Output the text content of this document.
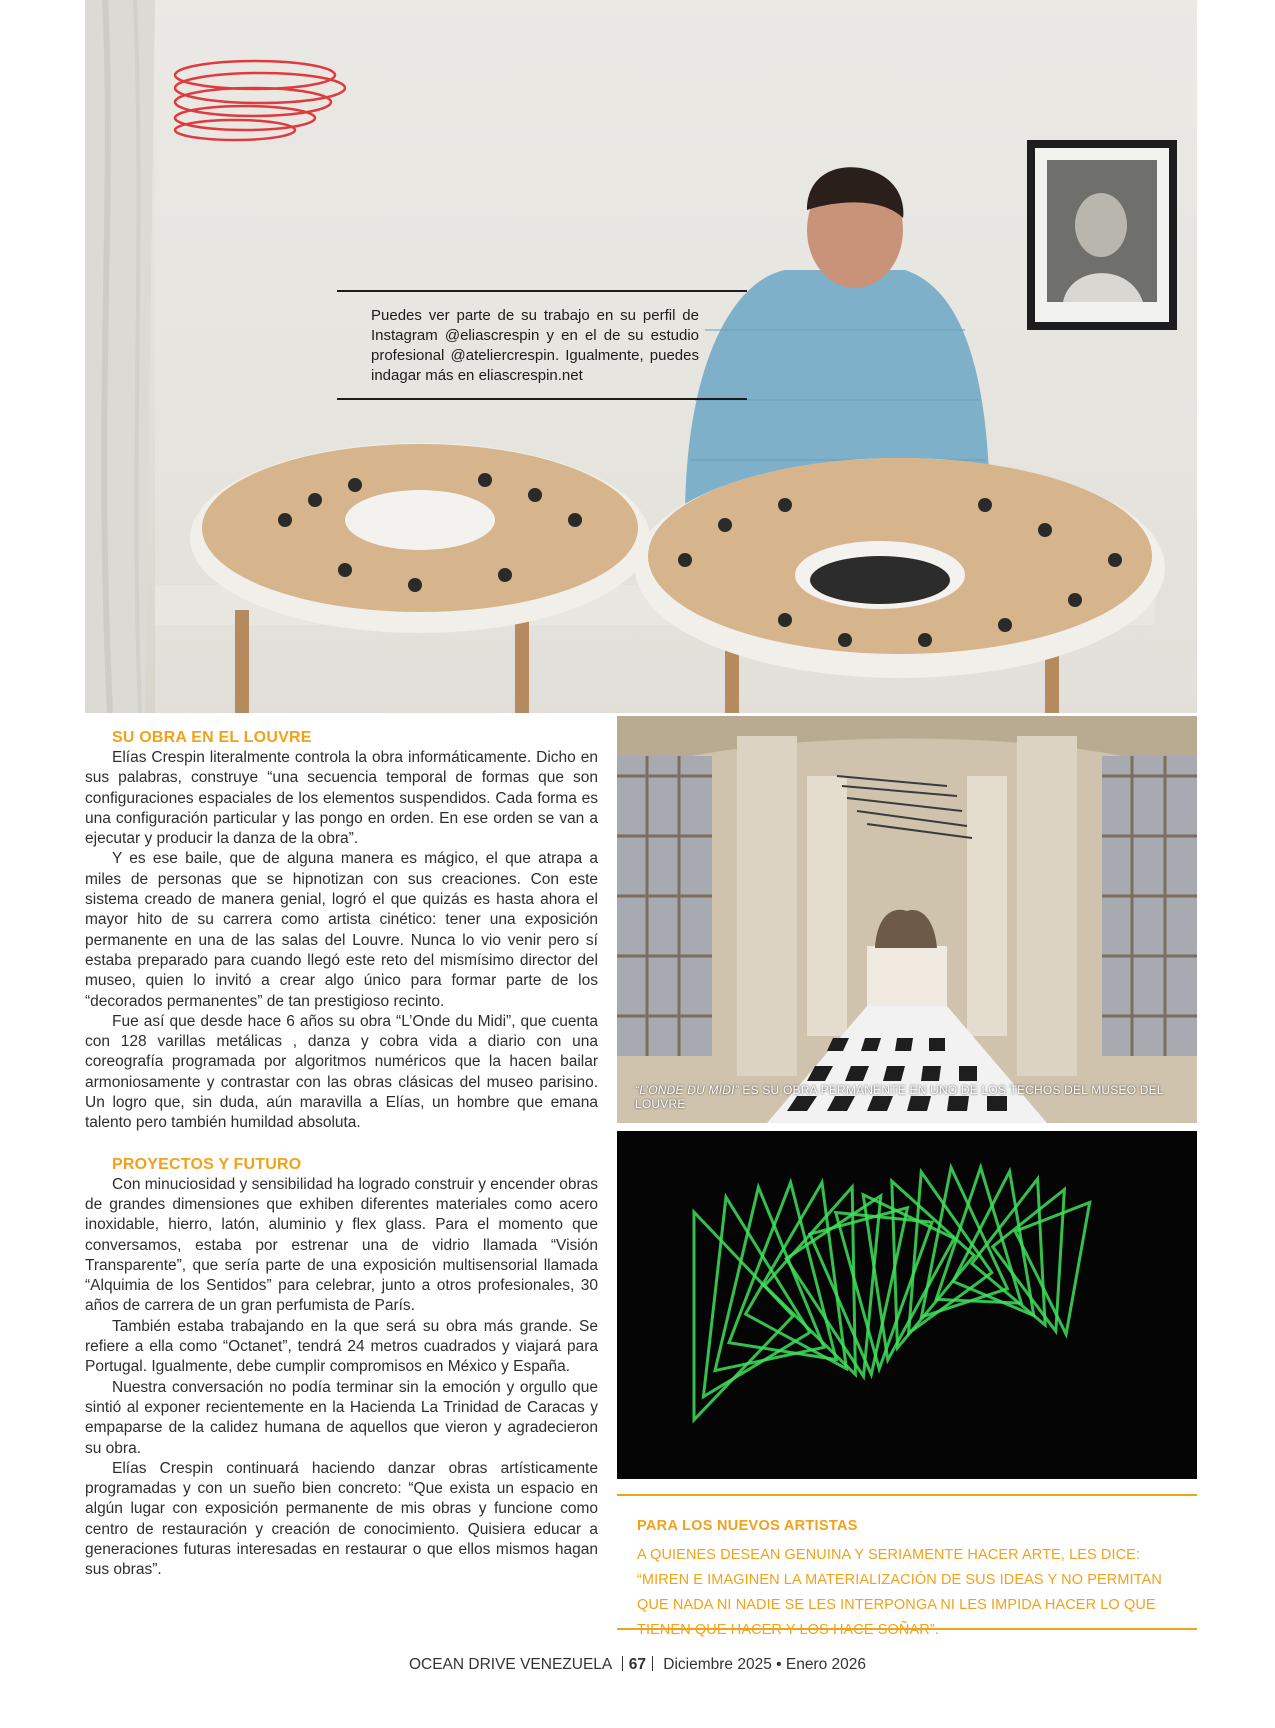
Puedes ver parte de su trabajo en su perfil de Instagram @eliascrespin y en el de su estudio profesional @ateliercrespin. Igualmente, puedes indagar más en eliascrespin.net
SU OBRA EN EL LOUVRE

Elías Crespin literalmente controla la obra informáticamente. Dicho en sus palabras, construye “una secuencia temporal de formas que son configuraciones espaciales de los elementos suspendidos. Cada forma es una configuración particular y las pongo en orden. En ese orden se van a ejecutar y producir la danza de la obra”.

Y es ese baile, que de alguna manera es mágico, el que atrapa a miles de personas que se hipnotizan con sus creaciones. Con este sistema creado de manera genial, logró el que quizás es hasta ahora el mayor hito de su carrera como artista cinético: tener una exposición permanente en una de las salas del Louvre. Nunca lo vio venir pero sí estaba preparado para cuando llegó este reto del mismísimo director del museo, quien lo invitó a crear algo único para formar parte de los “decorados permanentes” de tan prestigioso recinto.

Fue así que desde hace 6 años su obra “L’Onde du Midi”, que cuenta con 128 varillas metálicas , danza y cobra vida a diario con una coreografía programada por algoritmos numéricos que la hacen bailar armoniosamente y contrastar con las obras clásicas del museo parisino. Un logro que, sin duda, aún maravilla a Elías, un hombre que emana talento pero también humildad absoluta.

PROYECTOS Y FUTURO

Con minuciosidad y sensibilidad ha logrado construir y encender obras de grandes dimensiones que exhiben diferentes materiales como acero inoxidable, hierro, latón, aluminio y flex glass. Para el momento que conversamos, estaba por estrenar una de vidrio llamada “Visión Transparente”, que sería parte de una exposición multisensorial llamada “Alquimia de los Sentidos” para celebrar, junto a otros profesionales, 30 años de carrera de un gran perfumista de París.

También estaba trabajando en la que será su obra más grande. Se refiere a ella como “Octanet”, tendrá 24 metros cuadrados y viajará para Portugal. Igualmente, debe cumplir compromisos en México y España.

Nuestra conversación no podía terminar sin la emoción y orgullo que sintió al exponer recientemente en la Hacienda La Trinidad de Caracas y empaparse de la calidez humana de aquellos que vieron y agradecieron su obra.

Elías Crespin continuará haciendo danzar obras artísticamente programadas y con un sueño bien concreto: “Que exista un espacio en algún lugar con exposición permanente de mis obras y funcione como centro de restauración y creación de conocimiento. Quisiera educar a generaciones futuras interesadas en restaurar o que ellos mismos hagan sus obras”.

“L’ONDE DU MIDI” ES SU OBRA PERMANENTE EN UNO DE LOS TECHOS DEL MUSEO DEL LOUVRE
PARA LOS NUEVOS ARTISTAS
A QUIENES DESEAN GENUINA Y SERIAMENTE HACER ARTE, LES DICE: “MIREN E IMAGINEN LA MATERIALIZACIÓN DE SUS IDEAS Y NO PERMITAN QUE NADA NI NADIE SE LES INTERPONGA NI LES IMPIDA HACER LO QUE TIENEN QUE HACER Y LOS HACE SOÑAR”.
OCEAN DRIVE VENEZUELA 67 Diciembre 2025 • Enero 2026
